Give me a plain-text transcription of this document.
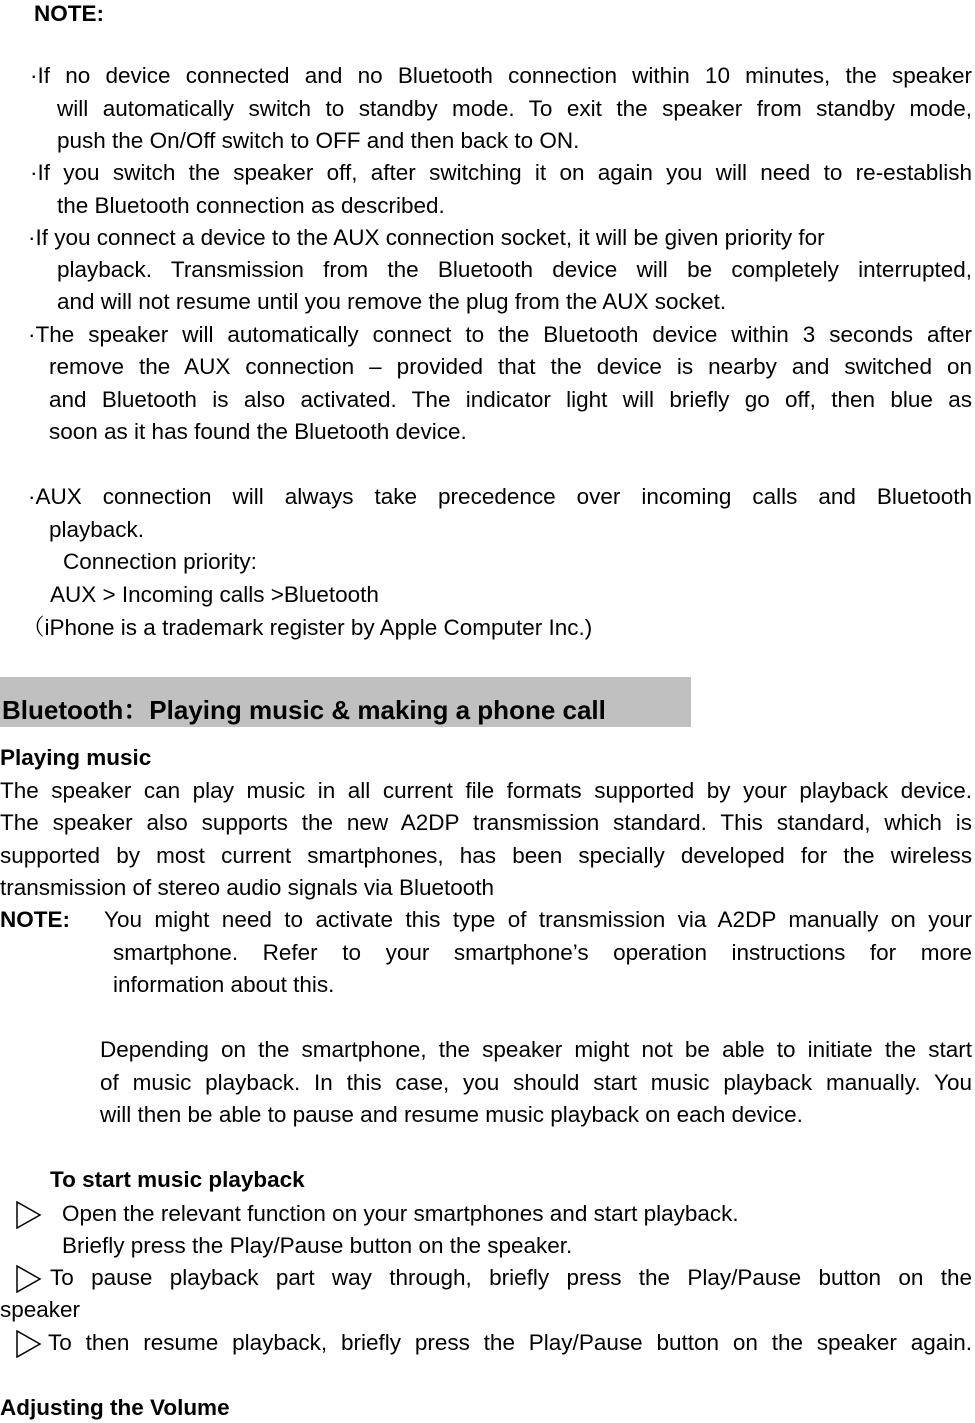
NOTE:
·If no device connected and no Bluetooth connection within 10 minutes, the speaker
will automatically switch to standby mode. To exit the speaker from standby mode,
push the On/Off switch to OFF and then back to ON.
·If you switch the speaker off, after switching it on again you will need to re-establish
the Bluetooth connection as described.
·If you connect a device to the AUX connection socket, it will be given priority for
playback. Transmission from the Bluetooth device will be completely interrupted,
and will not resume until you remove the plug from the AUX socket.
·The speaker will automatically connect to the Bluetooth device within 3 seconds after
remove the AUX connection – provided that the device is nearby and switched on
and Bluetooth is also activated. The indicator light will briefly go off, then blue as
soon as it has found the Bluetooth device.
·AUX connection will always take precedence over incoming calls and Bluetooth
playback.
Connection priority:
AUX > Incoming calls >Bluetooth
（iPhone is a trademark register by Apple Computer Inc.)
Bluetooth：Playing music & making a phone call
Playing music
The speaker can play music in all current file formats supported by your playback device.
The speaker also supports the new A2DP transmission standard. This standard, which is
supported by most current smartphones, has been specially developed for the wireless
transmission of stereo audio signals via Bluetooth
NOTE: You might need to activate this type of transmission via A2DP manually on your
smartphone. Refer to your smartphone’s operation instructions for more
information about this.
Depending on the smartphone, the speaker might not be able to initiate the start
of music playback. In this case, you should start music playback manually. You
will then be able to pause and resume music playback on each device.
To start music playback
Open the relevant function on your smartphones and start playback.
Briefly press the Play/Pause button on the speaker.
To pause playback part way through, briefly press the Play/Pause button on the
speaker
To then resume playback, briefly press the Play/Pause button on the speaker again.
Adjusting the Volume
